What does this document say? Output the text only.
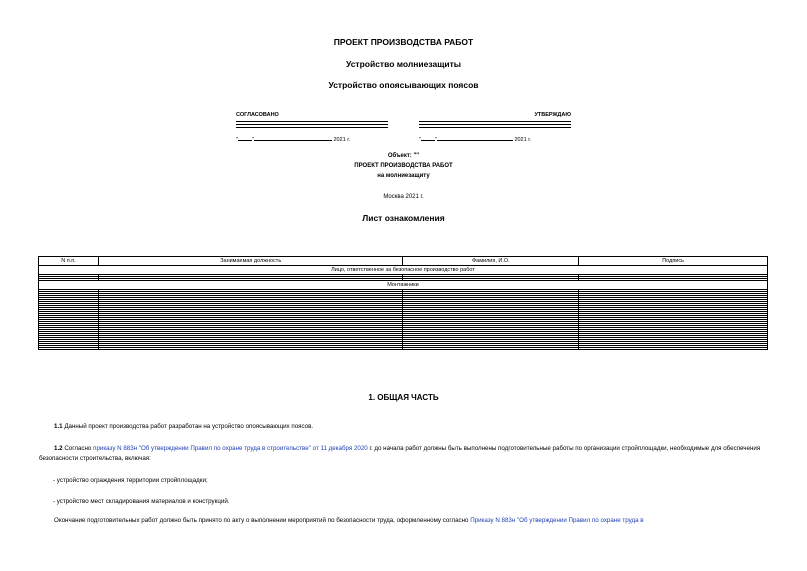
ПРОЕКТ ПРОИЗВОДСТВА РАБОТ
Устройство молниезащиты
Устройство опоясывающих поясов
СОГЛАСОВАНО
"	"	2021 г.
УТВЕРЖДАЮ
"	"	2021 г.
Объект: ""
ПРОЕКТ ПРОИЗВОДСТВА РАБОТ
на молниезащиту
Москва 2021 г.
Лист ознакомления
N п.п.	Занимаемая должность	Фамилия, И.О.	Подпись
Лицо, ответственное за безопасное производство работ			

Монтажники			

1. ОБЩАЯ ЧАСТЬ
1.1 Данный проект производства работ разработан на устройство опоясывающих поясов.
1.2 Согласно приказу N 883н "Об утверждении Правил по охране труда в строительстве" от 11 декабря 2020 г. до начала работ должны быть выполнены подготовительные работы по организации стройплощадки, необходимые для обеспечения безопасности строительства, включая:
- устройство ограждения территории стройплощадки;
- устройство мест складирования материалов и конструкций.
Окончание подготовительных работ должно быть принято по акту о выполнении мероприятий по безопасности труда, оформленному согласно Приказу N 883н "Об утверждении Правил по охране труда в
